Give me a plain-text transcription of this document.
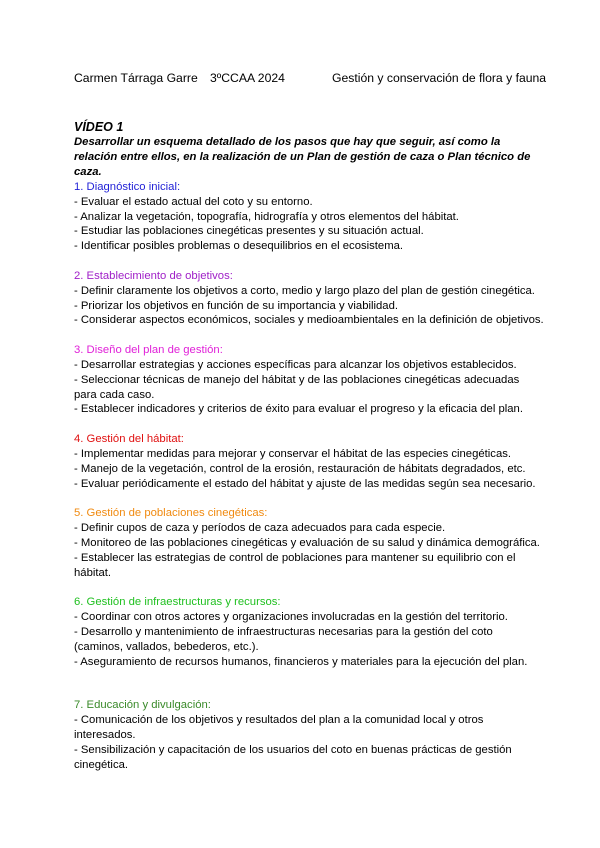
Carmen Tárraga Garre 3ºCCAA 2024	Gestión y conservación de flora y fauna

VÍDEO 1

Desarrollar un esquema detallado de los pasos que hay que seguir, así como la relación entre ellos, en la realización de un Plan de gestión de caza o Plan técnico de caza.

1. Diagnóstico inicial:

- Evaluar el estado actual del coto y su entorno.

- Analizar la vegetación, topografía, hidrografía y otros elementos del hábitat.

- Estudiar las poblaciones cinegéticas presentes y su situación actual.

- Identificar posibles problemas o desequilibrios en el ecosistema.

2. Establecimiento de objetivos:

- Definir claramente los objetivos a corto, medio y largo plazo del plan de gestión cinegética.

- Priorizar los objetivos en función de su importancia y viabilidad.

- Considerar aspectos económicos, sociales y medioambientales en la definición de objetivos.

3. Diseño del plan de gestión:

- Desarrollar estrategias y acciones específicas para alcanzar los objetivos establecidos.

- Seleccionar técnicas de manejo del hábitat y de las poblaciones cinegéticas adecuadas para cada caso.

- Establecer indicadores y criterios de éxito para evaluar el progreso y la eficacia del plan.

4. Gestión del hábitat:

- Implementar medidas para mejorar y conservar el hábitat de las especies cinegéticas.

- Manejo de la vegetación, control de la erosión, restauración de hábitats degradados, etc.

- Evaluar periódicamente el estado del hábitat y ajuste de las medidas según sea necesario.

5. Gestión de poblaciones cinegéticas:

- Definir cupos de caza y períodos de caza adecuados para cada especie.

- Monitoreo de las poblaciones cinegéticas y evaluación de su salud y dinámica demográfica.

- Establecer las estrategias de control de poblaciones para mantener su equilibrio con el hábitat.

6. Gestión de infraestructuras y recursos:

- Coordinar con otros actores y organizaciones involucradas en la gestión del territorio.

- Desarrollo y mantenimiento de infraestructuras necesarias para la gestión del coto (caminos, vallados, bebederos, etc.).

- Aseguramiento de recursos humanos, financieros y materiales para la ejecución del plan.

7. Educación y divulgación:

- Comunicación de los objetivos y resultados del plan a la comunidad local y otros interesados.

- Sensibilización y capacitación de los usuarios del coto en buenas prácticas de gestión cinegética.
